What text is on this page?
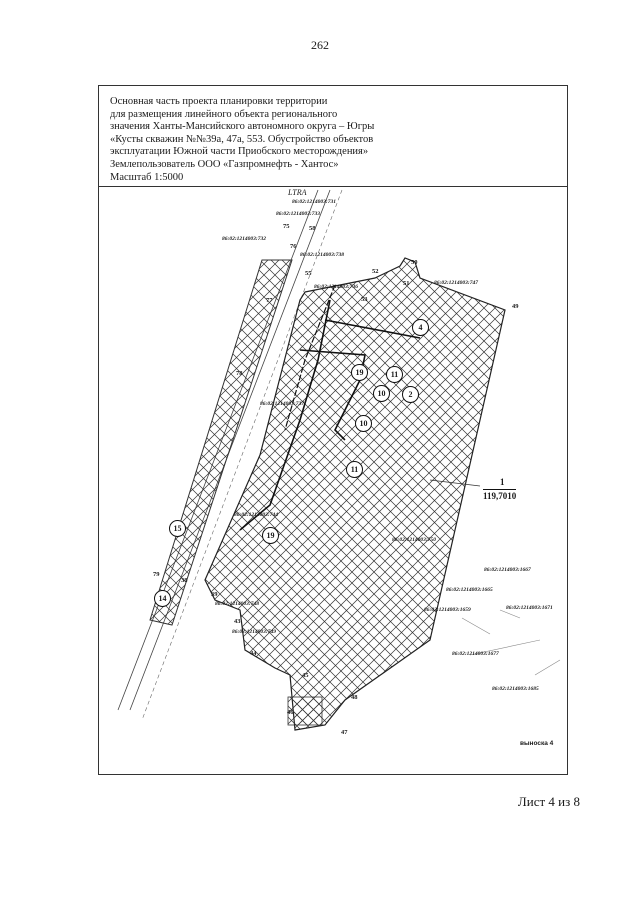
262
Основная часть проекта планировки территории
для размещения линейного объекта регионального
значения Ханты-Мансийского автономного округа – Югры
«Кусты скважин №№39а, 47а, 553. Обустройство объектов
эксплуатации Южной части Приобского месторождения»
Землепользователь ООО «Газпромнефть - Хантос»
Масштаб 1:5000
LTRA
86:02:1214003:731
86:02:1214003:733
86:02:1214003:732
86:02:1214003:738
86:02:1214003:736
86:02:1214003:747
86:02:1214003:737
86:02:1214003:744
86:02:1214003:750
86:02:1214003:748
86:02:1214003:749
86:02:1214003:1667
86:02:1214003:1665
86:02:1214003:1671
86:02:1214003:1659
86:02:1214003:1677
86:02:1214003:1685
75	58
76
55	52
50
51
49
53
77
78
79
38
39
43
44
45
48
46
47
4
19	11
10	2
10
11
19
15
14
1
119,7010
выноска 4
Лист 4 из 8
